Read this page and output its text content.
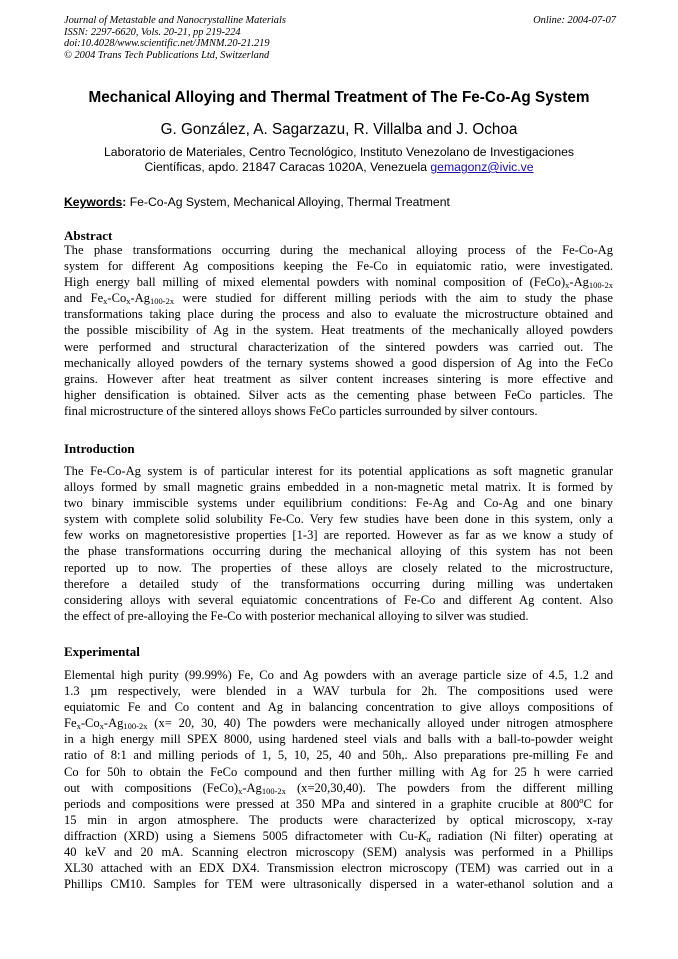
Journal of Metastable and Nanocrystalline Materials
ISSN: 2297-6620, Vols. 20-21, pp 219-224
doi:10.4028/www.scientific.net/JMNM.20-21.219
© 2004 Trans Tech Publications Ltd, Switzerland
Online: 2004-07-07
Mechanical Alloying and Thermal Treatment of The Fe-Co-Ag System
G. González, A. Sagarzazu, R. Villalba and J. Ochoa
Laboratorio de Materiales, Centro Tecnológico, Instituto Venezolano de Investigaciones
Científicas, apdo. 21847 Caracas 1020A, Venezuela gemagonz@ivic.ve
Keywords: Fe-Co-Ag System, Mechanical Alloying, Thermal Treatment
Abstract
The phase transformations occurring during the mechanical alloying process of the Fe-Co-Ag
system for different Ag compositions keeping the Fe-Co in equiatomic ratio, were investigated.
High energy ball milling of mixed elemental powders with nominal composition of $(FeCo)_x-Ag_{100-2x}$
and $Fe_x-Co_x-Ag_{100-2x}$ were studied for different milling periods with the aim to study the phase
transformations taking place during the process and also to evaluate the microstructure obtained and
the possible miscibility of Ag in the system. Heat treatments of the mechanically alloyed powders
were performed and structural characterization of the sintered powders was carried out. The
mechanically alloyed powders of the ternary systems showed a good dispersion of Ag into the FeCo
grains. However after heat treatment as silver content increases sintering is more effective and
higher densification is obtained. Silver acts as the cementing phase between FeCo particles. The
final microstructure of the sintered alloys shows FeCo particles surrounded by silver contours.
Introduction
The Fe-Co-Ag system is of particular interest for its potential applications as soft magnetic granular
alloys formed by small magnetic grains embedded in a non-magnetic metal matrix. It is formed by
two binary immiscible systems under equilibrium conditions: Fe-Ag and Co-Ag and one binary
system with complete solid solubility Fe-Co. Very few studies have been done in this system, only a
few works on magnetoresistive properties [1-3] are reported. However as far as we know a study of
the phase transformations occurring during the mechanical alloying of this system has not been
reported up to now. The properties of these alloys are closely related to the microstructure,
therefore a detailed study of the transformations occurring during milling was undertaken
considering alloys with several equiatomic concentrations of Fe-Co and different Ag content. Also
the effect of pre-alloying the Fe-Co with posterior mechanical alloying to silver was studied.
Experimental
Elemental high purity (99.99%) Fe, Co and Ag powders with an average particle size of 4.5, 1.2 and
1.3 µm respectively, were blended in a WAV turbula for 2h. The compositions used were
equiatomic Fe and Co content and Ag in balancing concentration to give alloys compositions of
$Fe_x-Co_x-Ag_{100-2x}$ (x= 20, 30, 40) The powders were mechanically alloyed under nitrogen atmosphere
in a high energy mill SPEX 8000, using hardened steel vials and balls with a ball-to-powder weight
ratio of 8:1 and milling periods of 1, 5, 10, 25, 40 and 50h,. Also preparations pre-milling Fe and
Co for 50h to obtain the FeCo compound and then further milling with Ag for 25 h were carried
out with compositions $(FeCo)_x-Ag_{100-2x}$ (x=20,30,40). The powders from the different milling
periods and compositions were pressed at 350 MPa and sintered in a graphite crucible at 800$^o$C for
15 min in argon atmosphere. The products were characterized by optical microscopy, x-ray
diffraction (XRD) using a Siemens 5005 difractometer with $Cu-K_\alpha$ radiation (Ni filter) operating at
40 keV and 20 mA. Scanning electron microscopy (SEM) analysis was performed in a Phillips
XL30 attached with an EDX DX4. Transmission electron microscopy (TEM) was carried out in a
Phillips CM10. Samples for TEM were ultrasonically dispersed in a water-ethanol solution and a
